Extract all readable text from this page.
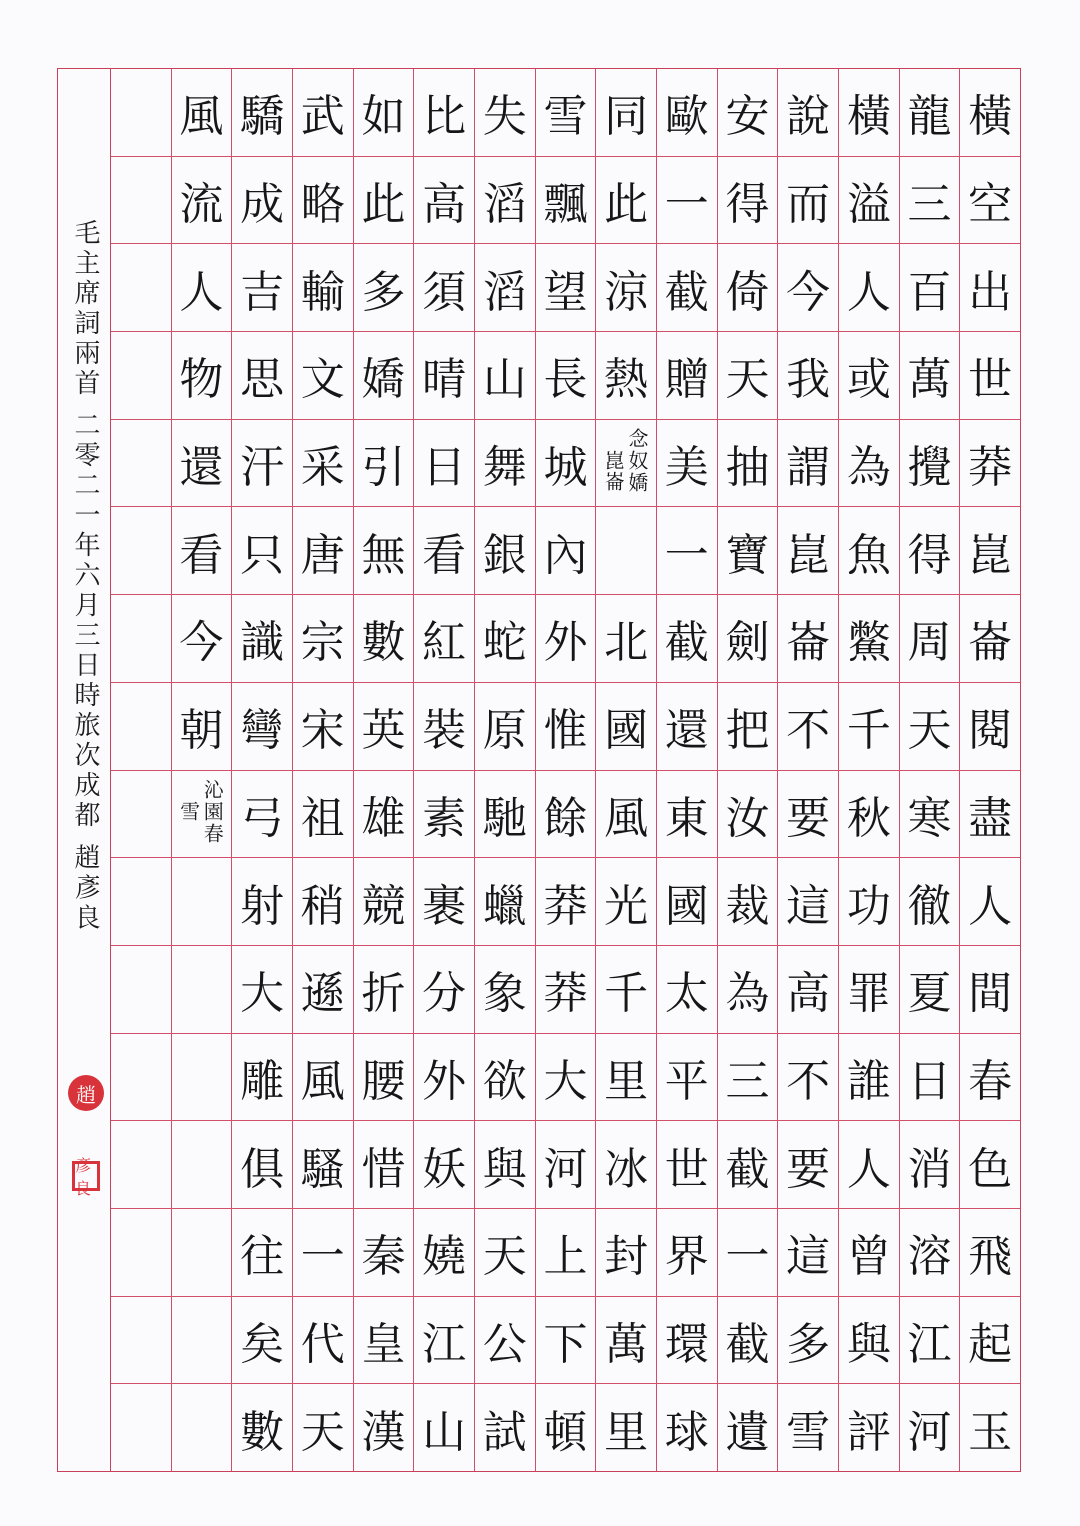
毛主席詞兩首 二零二一年六月三日時旅次成都 趙彥良
趙
彥良
橫
空
出
世
莽
崑
崙
閱
盡
人
間
春
色
飛
起
玉
龍
三
百
萬
攪
得
周
天
寒
徹
夏
日
消
溶
江
河
橫
溢
人
或
為
魚
鱉
千
秋
功
罪
誰
人
曾
與
評
說
而
今
我
謂
崑
崙
不
要
這
高
不
要
這
多
雪
安
得
倚
天
抽
寶
劍
把
汝
裁
為
三
截
一
截
遺
歐
一
截
贈
美
一
截
還
東
國
太
平
世
界
環
球
同
此
涼
熱
念奴嬌
崑崙
北
國
風
光
千
里
冰
封
萬
里
雪
飄
望
長
城
內
外
惟
餘
莽
莽
大
河
上
下
頓
失
滔
滔
山
舞
銀
蛇
原
馳
蠟
象
欲
與
天
公
試
比
高
須
晴
日
看
紅
裝
素
裹
分
外
妖
嬈
江
山
如
此
多
嬌
引
無
數
英
雄
競
折
腰
惜
秦
皇
漢
武
略
輸
文
采
唐
宗
宋
祖
稍
遜
風
騷
一
代
天
驕
成
吉
思
汗
只
識
彎
弓
射
大
雕
俱
往
矣
數
風
流
人
物
還
看
今
朝
沁園春
雪
